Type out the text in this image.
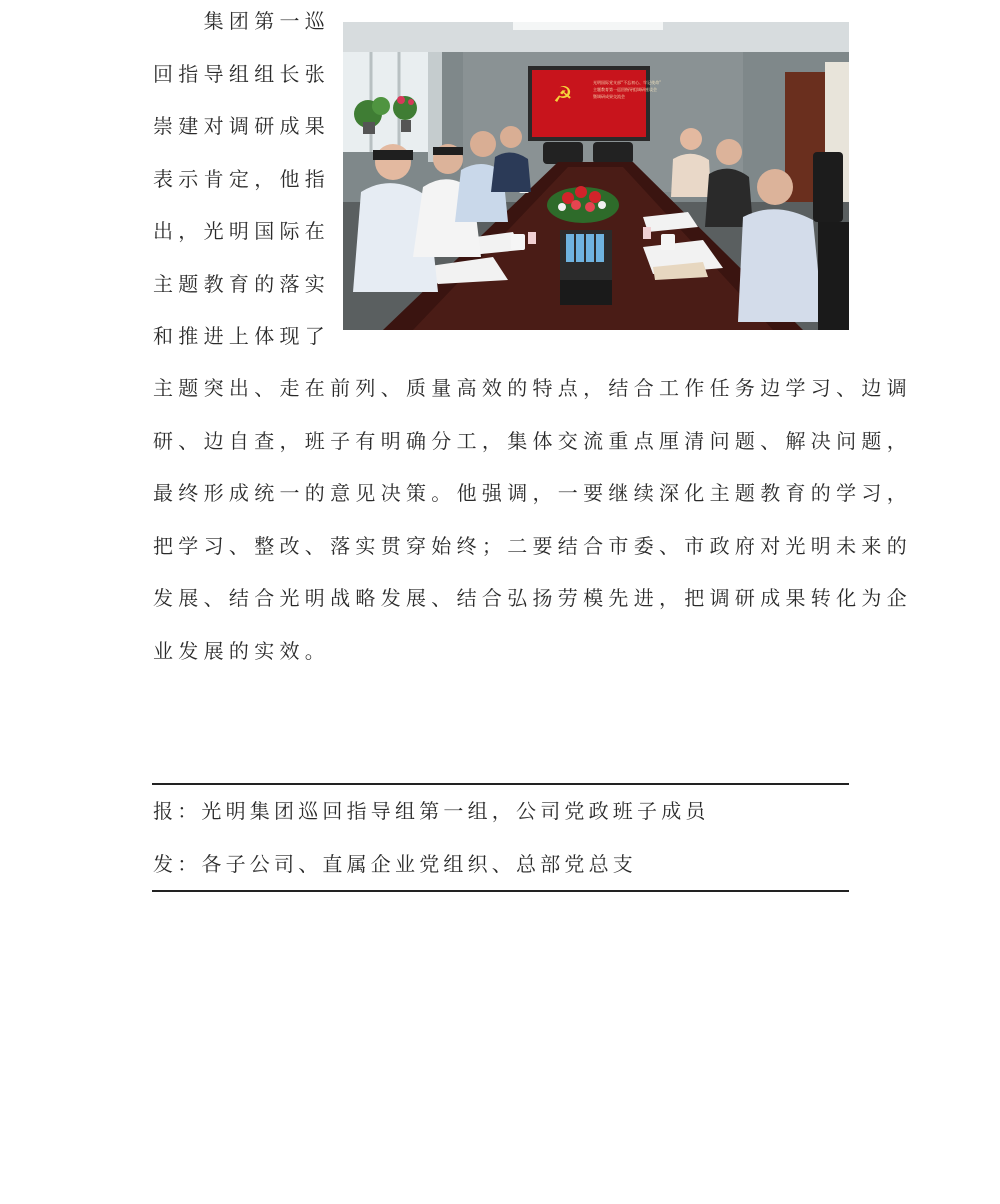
　　集团第一巡
回指导组组长张
崇建对调研成果
表示肯定，他指
出，光明国际在
主题教育的落实
和推进上体现了
☭
光明国际党支部“不忘初心、牢记使命”
主题教育第一巡回指导组调研座谈会
暨调研成果交流会
主题突出、走在前列、质量高效的特点，结合工作任务边学习、边调
研、边自查，班子有明确分工，集体交流重点厘清问题、解决问题，
最终形成统一的意见决策。他强调，一要继续深化主题教育的学习，
把学习、整改、落实贯穿始终；二要结合市委、市政府对光明未来的
发展、结合光明战略发展、结合弘扬劳模先进，把调研成果转化为企
业发展的实效。
报：光明集团巡回指导组第一组，公司党政班子成员
发：各子公司、直属企业党组织、总部党总支
